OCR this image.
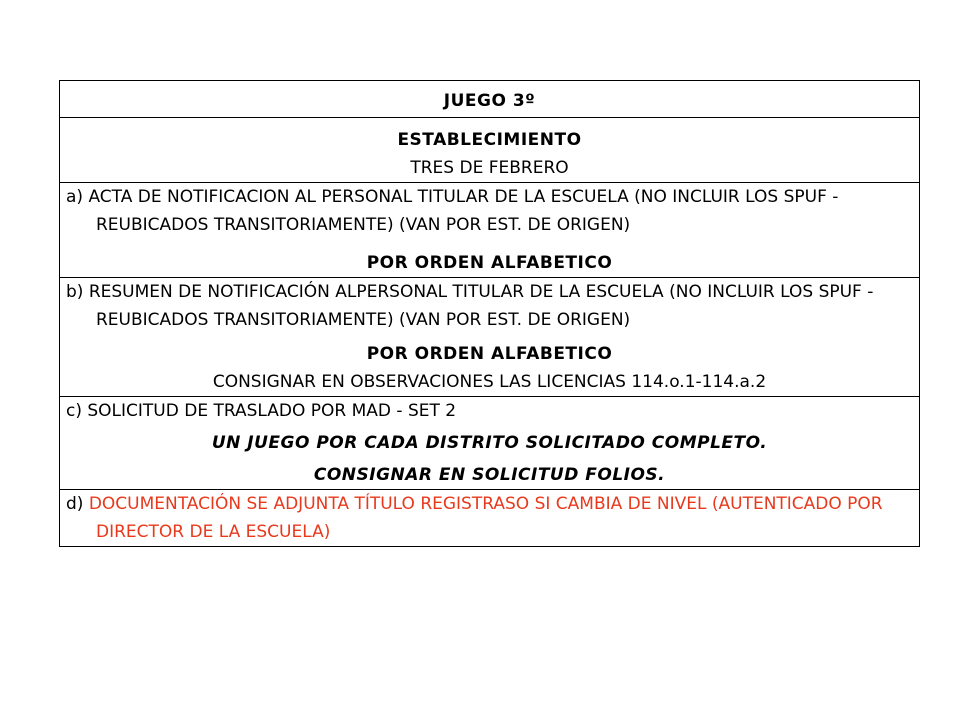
JUEGO 3º

ESTABLECIMIENTO

TRES DE FEBRERO

a) ACTA DE NOTIFICACION AL PERSONAL TITULAR DE LA ESCUELA (NO INCLUIR LOS SPUF - REUBICADOS TRANSITORIAMENTE) (VAN POR EST. DE ORIGEN)

POR ORDEN ALFABETICO

b) RESUMEN DE NOTIFICACIÓN ALPERSONAL TITULAR DE LA ESCUELA (NO INCLUIR LOS SPUF - REUBICADOS TRANSITORIAMENTE) (VAN POR EST. DE ORIGEN)

POR ORDEN ALFABETICO

CONSIGNAR EN OBSERVACIONES LAS LICENCIAS 114.o.1-114.a.2

c) SOLICITUD DE TRASLADO POR MAD - SET 2

UN JUEGO POR CADA DISTRITO SOLICITADO COMPLETO.

CONSIGNAR EN SOLICITUD FOLIOS.

d) DOCUMENTACIÓN SE ADJUNTA TÍTULO REGISTRASO SI CAMBIA DE NIVEL (AUTENTICADO POR DIRECTOR DE LA ESCUELA)
